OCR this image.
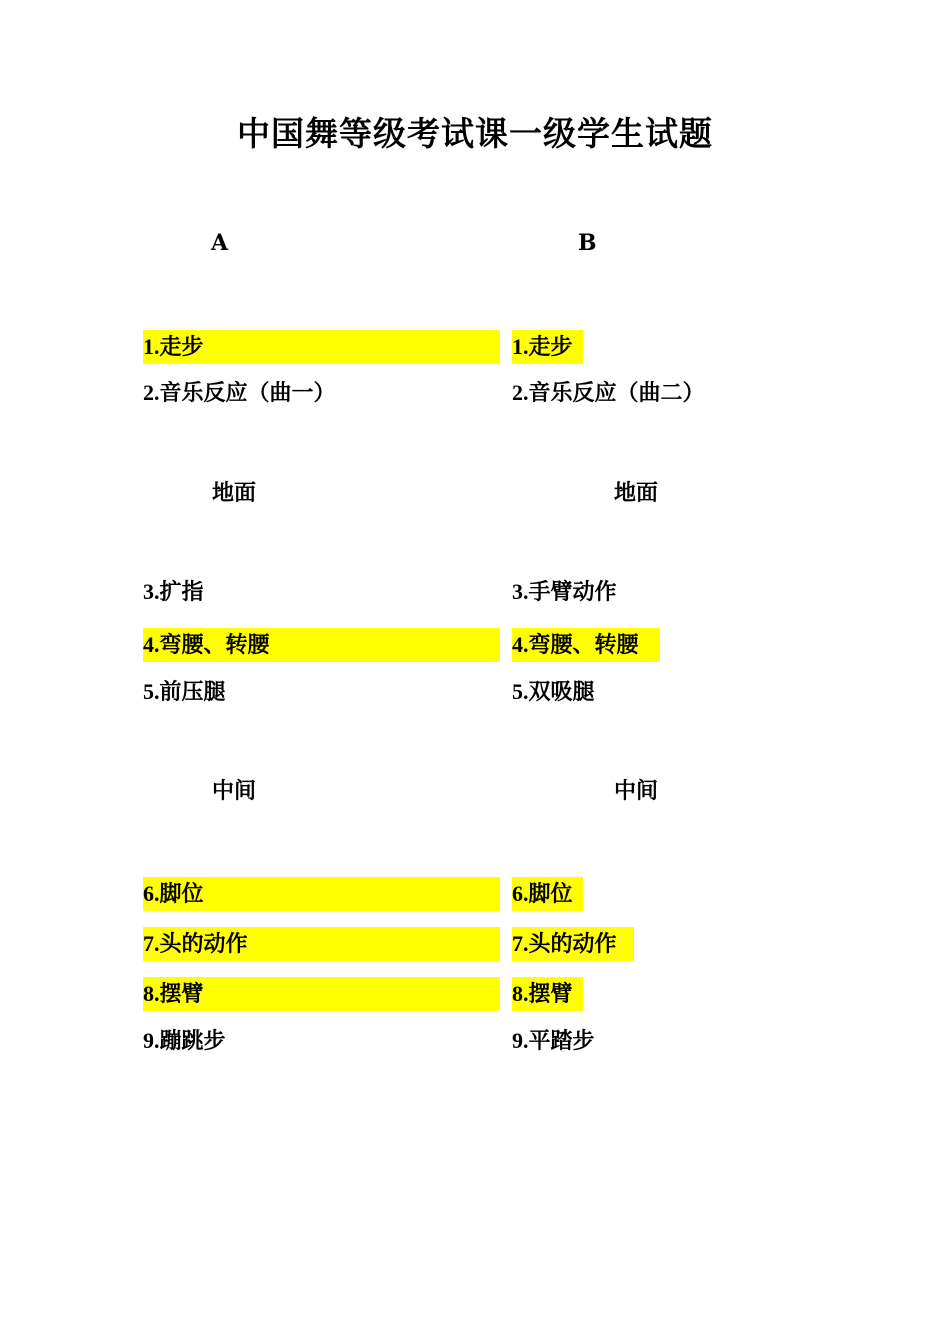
中国舞等级考试课一级学生试题
A	B
1.走步
2.音乐反应（曲一）
地面
3.扩指
4.弯腰、转腰
5.前压腿
中间
6.脚位
7.头的动作
8.摆臂
9.蹦跳步
1.走步
2.音乐反应（曲二）
地面
3.手臂动作
4.弯腰、转腰
5.双吸腿
中间
6.脚位
7.头的动作
8.摆臂
9.平踏步
